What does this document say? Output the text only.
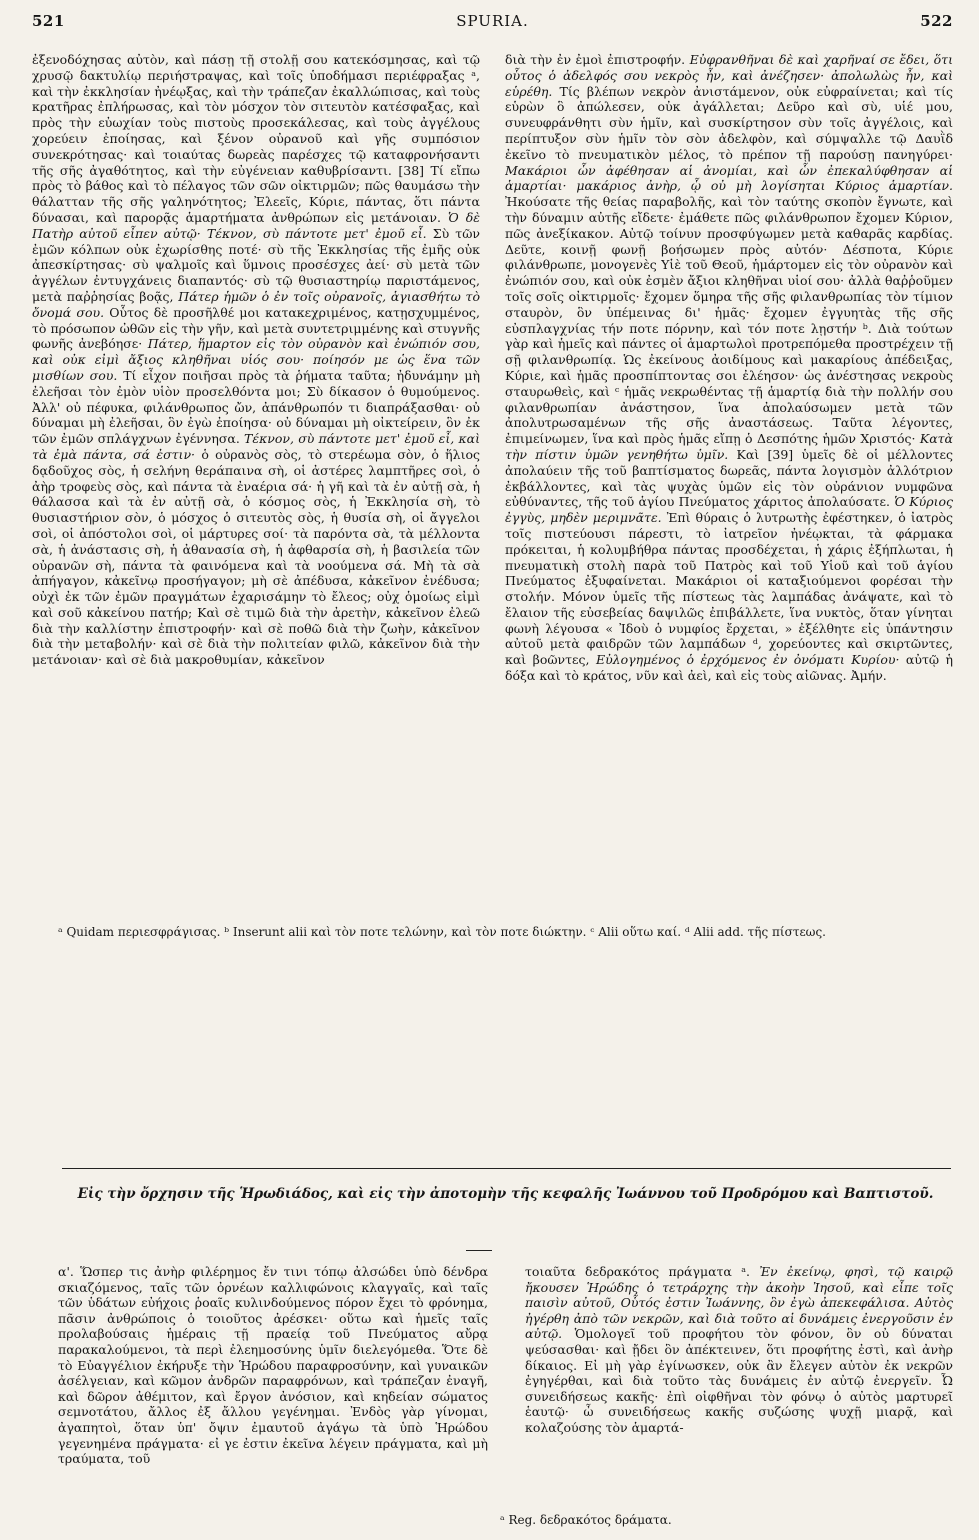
521	SPURIA.	522

ἐξενοδόχησας αὐτὸν, καὶ πάσῃ τῇ στολῇ σου κατεκόσμησας, καὶ τῷ χρυσῷ δακτυλίῳ περιήστραψας, καὶ τοῖς ὑποδήμασι περιέφραξας ᵃ, καὶ τὴν ἐκκλησίαν ἠνέῳξας, καὶ τὴν τράπεζαν ἐκαλλώπισας, καὶ τοὺς κρατῆρας ἐπλήρωσας, καὶ τὸν μόσχον τὸν σιτευτὸν κατέσφαξας, καὶ πρὸς τὴν εὐωχίαν τοὺς πιστοὺς προσεκάλεσας, καὶ τοὺς ἀγγέλους χορεύειν ἐποίησας, καὶ ξένον οὐρανοῦ καὶ γῆς συμπόσιον συνεκρότησας· καὶ τοιαύτας δωρεὰς παρέσχες τῷ καταφρονήσαντι τῆς σῆς ἀγαθότητος, καὶ τὴν εὐγένειαν καθυβρίσαντι. [38] Τί εἴπω πρὸς τὸ βάθος καὶ τὸ πέλαγος τῶν σῶν οἰκτιρμῶν; πῶς θαυμάσω τὴν θάλατταν τῆς σῆς γαληνότητος; Ἐλεεῖς, Κύριε, πάντας, ὅτι πάντα δύνασαι, καὶ παρορᾷς ἁμαρτήματα ἀνθρώπων εἰς μετάνοιαν. Ὁ δὲ Πατὴρ αὐτοῦ εἶπεν αὐτῷ· Τέκνον, σὺ πάντοτε μετ' ἐμοῦ εἶ. Σὺ τῶν ἐμῶν κόλπων οὐκ ἐχωρίσθης ποτέ· σὺ τῆς Ἐκκλησίας τῆς ἐμῆς οὐκ ἀπεσκίρτησας· σὺ ψαλμοῖς καὶ ὕμνοις προσέσχες ἀεί· σὺ μετὰ τῶν ἀγγέλων ἐντυγχάνεις διαπαντός· σὺ τῷ θυσιαστηρίῳ παριστάμενος, μετὰ παῤῥησίας βοᾷς, Πάτερ ἡμῶν ὁ ἐν τοῖς οὐρανοῖς, ἁγιασθήτω τὸ ὄνομά σου. Οὗτος δὲ προσῆλθέ μοι κατακεχριμένος, κατῃσχυμμένος, τὸ πρόσωπον ὠθῶν εἰς τὴν γῆν, καὶ μετὰ συντετριμμένης καὶ στυγνῆς φωνῆς ἀνεβόησε· Πάτερ, ἥμαρτον εἰς τὸν οὐρανὸν καὶ ἐνώπιόν σου, καὶ οὐκ εἰμὶ ἄξιος κληθῆναι υἱός σου· ποίησόν με ὡς ἕνα τῶν μισθίων σου. Τί εἶχον ποιῆσαι πρὸς τὰ ῥήματα ταῦτα; ἠδυνάμην μὴ ἐλεῆσαι τὸν ἐμὸν υἱὸν προσελθόντα μοι; Σὺ δίκασον ὁ θυμούμενος. Ἀλλ' οὐ πέφυκα, φιλάνθρωπος ὤν, ἀπάνθρωπόν τι διαπράξασθαι· οὐ δύναμαι μὴ ἐλεῆσαι, ὃν ἐγὼ ἐποίησα· οὐ δύναμαι μὴ οἰκτείρειν, ὃν ἐκ τῶν ἐμῶν σπλάγχνων ἐγέννησα. Τέκνον, σὺ πάντοτε μετ' ἐμοῦ εἶ, καὶ τὰ ἐμὰ πάντα, σά ἐστιν· ὁ οὐρανὸς σὸς, τὸ στερέωμα σὸν, ὁ ἥλιος δᾳδοῦχος σὸς, ἡ σελήνη θεράπαινα σὴ, οἱ ἀστέρες λαμπτῆρες σοὶ, ὁ ἀὴρ τροφεὺς σὸς, καὶ πάντα τὰ ἐναέρια σά· ἡ γῆ καὶ τὰ ἐν αὐτῇ σὰ, ἡ θάλασσα καὶ τὰ ἐν αὐτῇ σὰ, ὁ κόσμος σὸς, ἡ Ἐκκλησία σὴ, τὸ θυσιαστήριον σὸν, ὁ μόσχος ὁ σιτευτὸς σὸς, ἡ θυσία σὴ, οἱ ἄγγελοι σοὶ, οἱ ἀπόστολοι σοὶ, οἱ μάρτυρες σοί· τὰ παρόντα σὰ, τὰ μέλλοντα σὰ, ἡ ἀνάστασις σὴ, ἡ ἀθανασία σὴ, ἡ ἀφθαρσία σὴ, ἡ βασιλεία τῶν οὐρανῶν σὴ, πάντα τὰ φαινόμενα καὶ τὰ νοούμενα σά. Μὴ τὰ σὰ ἀπήγαγον, κἀκεῖνῳ προσήγαγον; μὴ σὲ ἀπέδυσα, κἀκεῖνον ἐνέδυσα; οὐχὶ ἐκ τῶν ἐμῶν πραγμάτων ἐχαρισάμην τὸ ἔλεος; οὐχ ὁμοίως εἰμὶ καὶ σοῦ κἀκείνου πατήρ; Καὶ σὲ τιμῶ διὰ τὴν ἀρετὴν, κἀκεῖνον ἐλεῶ διὰ τὴν καλλίστην ἐπιστροφήν· καὶ σὲ ποθῶ διὰ τὴν ζωὴν, κἀκεῖνον διὰ τὴν μεταβολήν· καὶ σὲ διὰ τὴν πολιτείαν φιλῶ, κἀκεῖνον διὰ τὴν μετάνοιαν· καὶ σὲ διὰ μακροθυμίαν, κἀκεῖνον

διὰ τὴν ἐν ἐμοὶ ἐπιστροφήν. Εὐφρανθῆναι δὲ καὶ χαρῆναί σε ἔδει, ὅτι οὗτος ὁ ἀδελφός σου νεκρὸς ἦν, καὶ ἀνέζησεν· ἀπολωλὼς ἦν, καὶ εὑρέθη. Τίς βλέπων νεκρὸν ἀνιστάμενον, οὐκ εὐφραίνεται; καὶ τίς εὑρὼν ὃ ἀπώλεσεν, οὐκ ἀγάλλεται; Δεῦρο καὶ σὺ, υἱέ μου, συνευφράνθητι σὺν ἡμῖν, καὶ συσκίρτησον σὺν τοῖς ἀγγέλοις, καὶ περίπτυξον σὺν ἡμῖν τὸν σὸν ἀδελφὸν, καὶ σύμψαλλε τῷ Δαυῒδ ἐκεῖνο τὸ πνευματικὸν μέλος, τὸ πρέπον τῇ παρούσῃ πανηγύρει· Μακάριοι ὧν ἀφέθησαν αἱ ἀνομίαι, καὶ ὧν ἐπεκαλύφθησαν αἱ ἁμαρτίαι· μακάριος ἀνὴρ, ᾧ οὐ μὴ λογίσηται Κύριος ἁμαρτίαν. Ἠκούσατε τῆς θείας παραβολῆς, καὶ τὸν ταύτης σκοπὸν ἔγνωτε, καὶ τὴν δύναμιν αὐτῆς εἴδετε· ἐμάθετε πῶς φιλάνθρωπον ἔχομεν Κύριον, πῶς ἀνεξίκακον. Αὐτῷ τοίνυν προσφύγωμεν μετὰ καθαρᾶς καρδίας. Δεῦτε, κοινῇ φωνῇ βοήσωμεν πρὸς αὐτόν· Δέσποτα, Κύριε φιλάνθρωπε, μονογενὲς Υἱὲ τοῦ Θεοῦ, ἡμάρτομεν εἰς τὸν οὐρανὸν καὶ ἐνώπιόν σου, καὶ οὐκ ἐσμὲν ἄξιοι κληθῆναι υἱοί σου· ἀλλὰ θαῤῥοῦμεν τοῖς σοῖς οἰκτιρμοῖς· ἔχομεν ὅμηρα τῆς σῆς φιλανθρωπίας τὸν τίμιον σταυρὸν, ὃν ὑπέμεινας δι' ἡμᾶς· ἔχομεν ἐγγυητὰς τῆς σῆς εὐσπλαγχνίας τήν ποτε πόρνην, καὶ τόν ποτε λῃστήν ᵇ. Διὰ τούτων γὰρ καὶ ἡμεῖς καὶ πάντες οἱ ἁμαρτωλοὶ προτρεπόμεθα προστρέχειν τῇ σῇ φιλανθρωπίᾳ. Ὡς ἐκείνους ἀοιδίμους καὶ μακαρίους ἀπέδειξας, Κύριε, καὶ ἡμᾶς προσπίπτοντας σοι ἐλέησον· ὡς ἀνέστησας νεκροὺς σταυρωθεὶς, καὶ ᶜ ἡμᾶς νεκρωθέντας τῇ ἁμαρτίᾳ διὰ τὴν πολλήν σου φιλανθρωπίαν ἀνάστησον, ἵνα ἀπολαύσωμεν μετὰ τῶν ἀπολυτρωσαμένων τῆς σῆς ἀναστάσεως. Ταῦτα λέγοντες, ἐπιμείνωμεν, ἵνα καὶ πρὸς ἡμᾶς εἴπῃ ὁ Δεσπότης ἡμῶν Χριστός· Κατὰ τὴν πίστιν ὑμῶν γενηθήτω ὑμῖν. Καὶ [39] ὑμεῖς δὲ οἱ μέλλοντες ἀπολαύειν τῆς τοῦ βαπτίσματος δωρεᾶς, πάντα λογισμὸν ἀλλότριον ἐκβάλλοντες, καὶ τὰς ψυχὰς ὑμῶν εἰς τὸν οὐράνιον νυμφῶνα εὐθύναντες, τῆς τοῦ ἁγίου Πνεύματος χάριτος ἀπολαύσατε. Ὁ Κύριος ἐγγὺς, μηδὲν μεριμνᾶτε. Ἐπὶ θύραις ὁ λυτρωτὴς ἐφέστηκεν, ὁ ἰατρὸς τοῖς πιστεύουσι πάρεστι, τὸ ἰατρεῖον ἠνέῳκται, τὰ φάρμακα πρόκειται, ἡ κολυμβήθρα πάντας προσδέχεται, ἡ χάρις ἐξήπλωται, ἡ πνευματικὴ στολὴ παρὰ τοῦ Πατρὸς καὶ τοῦ Υἱοῦ καὶ τοῦ ἁγίου Πνεύματος ἐξυφαίνεται. Μακάριοι οἱ καταξιούμενοι φορέσαι τὴν στολήν. Μόνον ὑμεῖς τῆς πίστεως τὰς λαμπάδας ἀνάψατε, καὶ τὸ ἔλαιον τῆς εὐσεβείας δαψιλῶς ἐπιβάλλετε, ἵνα νυκτὸς, ὅταν γίνηται φωνὴ λέγουσα « Ἰδοὺ ὁ νυμφίος ἔρχεται, » ἐξέλθητε εἰς ὑπάντησιν αὐτοῦ μετὰ φαιδρῶν τῶν λαμπάδων ᵈ, χορεύοντες καὶ σκιρτῶντες, καὶ βοῶντες, Εὐλογημένος ὁ ἐρχόμενος ἐν ὀνόματι Κυρίου· αὐτῷ ἡ δόξα καὶ τὸ κράτος, νῦν καὶ ἀεὶ, καὶ εἰς τοὺς αἰῶνας. Ἀμήν.

ᵃ Quidam περιεσφράγισας. ᵇ Inserunt alii καὶ τὸν ποτε τελώνην, καὶ τὸν ποτε διώκτην. ᶜ Alii οὕτω καί. ᵈ Alii add. τῆς πίστεως.
Εἰς τὴν ὄρχησιν τῆς Ἡρωδιάδος, καὶ εἰς τὴν ἀποτομὴν τῆς κεφαλῆς Ἰωάννου τοῦ Προδρόμου καὶ Βαπτιστοῦ.

α'. Ὥσπερ τις ἀνὴρ φιλέρημος ἔν τινι τόπῳ ἀλσώδει ὑπὸ δένδρα σκιαζόμενος, ταῖς τῶν ὀρνέων καλλιφώνοις κλαγγαῖς, καὶ ταῖς τῶν ὑδάτων εὐήχοις ῥοαῖς κυλινδούμενος πόρον ἔχει τὸ φρόνημα, πᾶσιν ἀνθρώποις ὁ τοιοῦτος ἀρέσκει· οὕτω καὶ ἡμεῖς ταῖς προλαβούσαις ἡμέραις τῇ πραείᾳ τοῦ Πνεύματος αὔρᾳ παρακαλούμενοι, τὰ περὶ ἐλεημοσύνης ὑμῖν διελεγόμεθα. Ὅτε δὲ τὸ Εὐαγγέλιον ἐκήρυξε τὴν Ἡρώδου παραφροσύνην, καὶ γυναικῶν ἀσέλγειαν, καὶ κῶμον ἀνδρῶν παραφρόνων, καὶ τράπεζαν ἐναγῆ, καὶ δῶρον ἀθέμιτον, καὶ ἔργον ἀνόσιον, καὶ κηδείαν σώματος σεμνοτάτου, ἄλλος ἐξ ἄλλου γεγένημαι. Ἐνδὸς γὰρ γίνομαι, ἀγαπητοὶ, ὅταν ὑπ' ὄψιν ἐμαυτοῦ ἀγάγω τὰ ὑπὸ Ἡρώδου γεγενημένα πράγματα· εἰ γε ἐστιν ἐκεῖνα λέγειν πράγματα, καὶ μὴ τραύματα, τοῦ

τοιαῦτα δεδρακότος πράγματα ᵃ. Ἐν ἐκείνῳ, φησὶ, τῷ καιρῷ ἤκουσεν Ἡρώδης ὁ τετράρχης τὴν ἀκοὴν Ἰησοῦ, καὶ εἶπε τοῖς παισὶν αὐτοῦ, Οὗτός ἐστιν Ἰωάννης, ὃν ἐγὼ ἀπεκεφάλισα. Αὐτὸς ἠγέρθη ἀπὸ τῶν νεκρῶν, καὶ διὰ τοῦτο αἱ δυνάμεις ἐνεργοῦσιν ἐν αὐτῷ. Ὁμολογεῖ τοῦ προφήτου τὸν φόνον, ὃν οὐ δύναται ψεύσασθαι· καὶ ᾔδει ὃν ἀπέκτεινεν, ὅτι προφήτης ἐστὶ, καὶ ἀνὴρ δίκαιος. Εἰ μὴ γὰρ ἐγίνωσκεν, οὐκ ἂν ἔλεγεν αὐτὸν ἐκ νεκρῶν ἐγηγέρθαι, καὶ διὰ τοῦτο τὰς δυνάμεις ἐν αὐτῷ ἐνεργεῖν. Ὦ συνειδήσεως κακῆς· ἐπὶ οἰφθῆναι τὸν φόνῳ ὁ αὐτὸς μαρτυρεῖ ἑαυτῷ· ὦ συνειδήσεως κακῆς συζώσης ψυχῇ μιαρᾷ, καὶ κολαζούσης τὸν ἁμαρτά-

ᵃ Reg. δεδρακότος δράματα.
